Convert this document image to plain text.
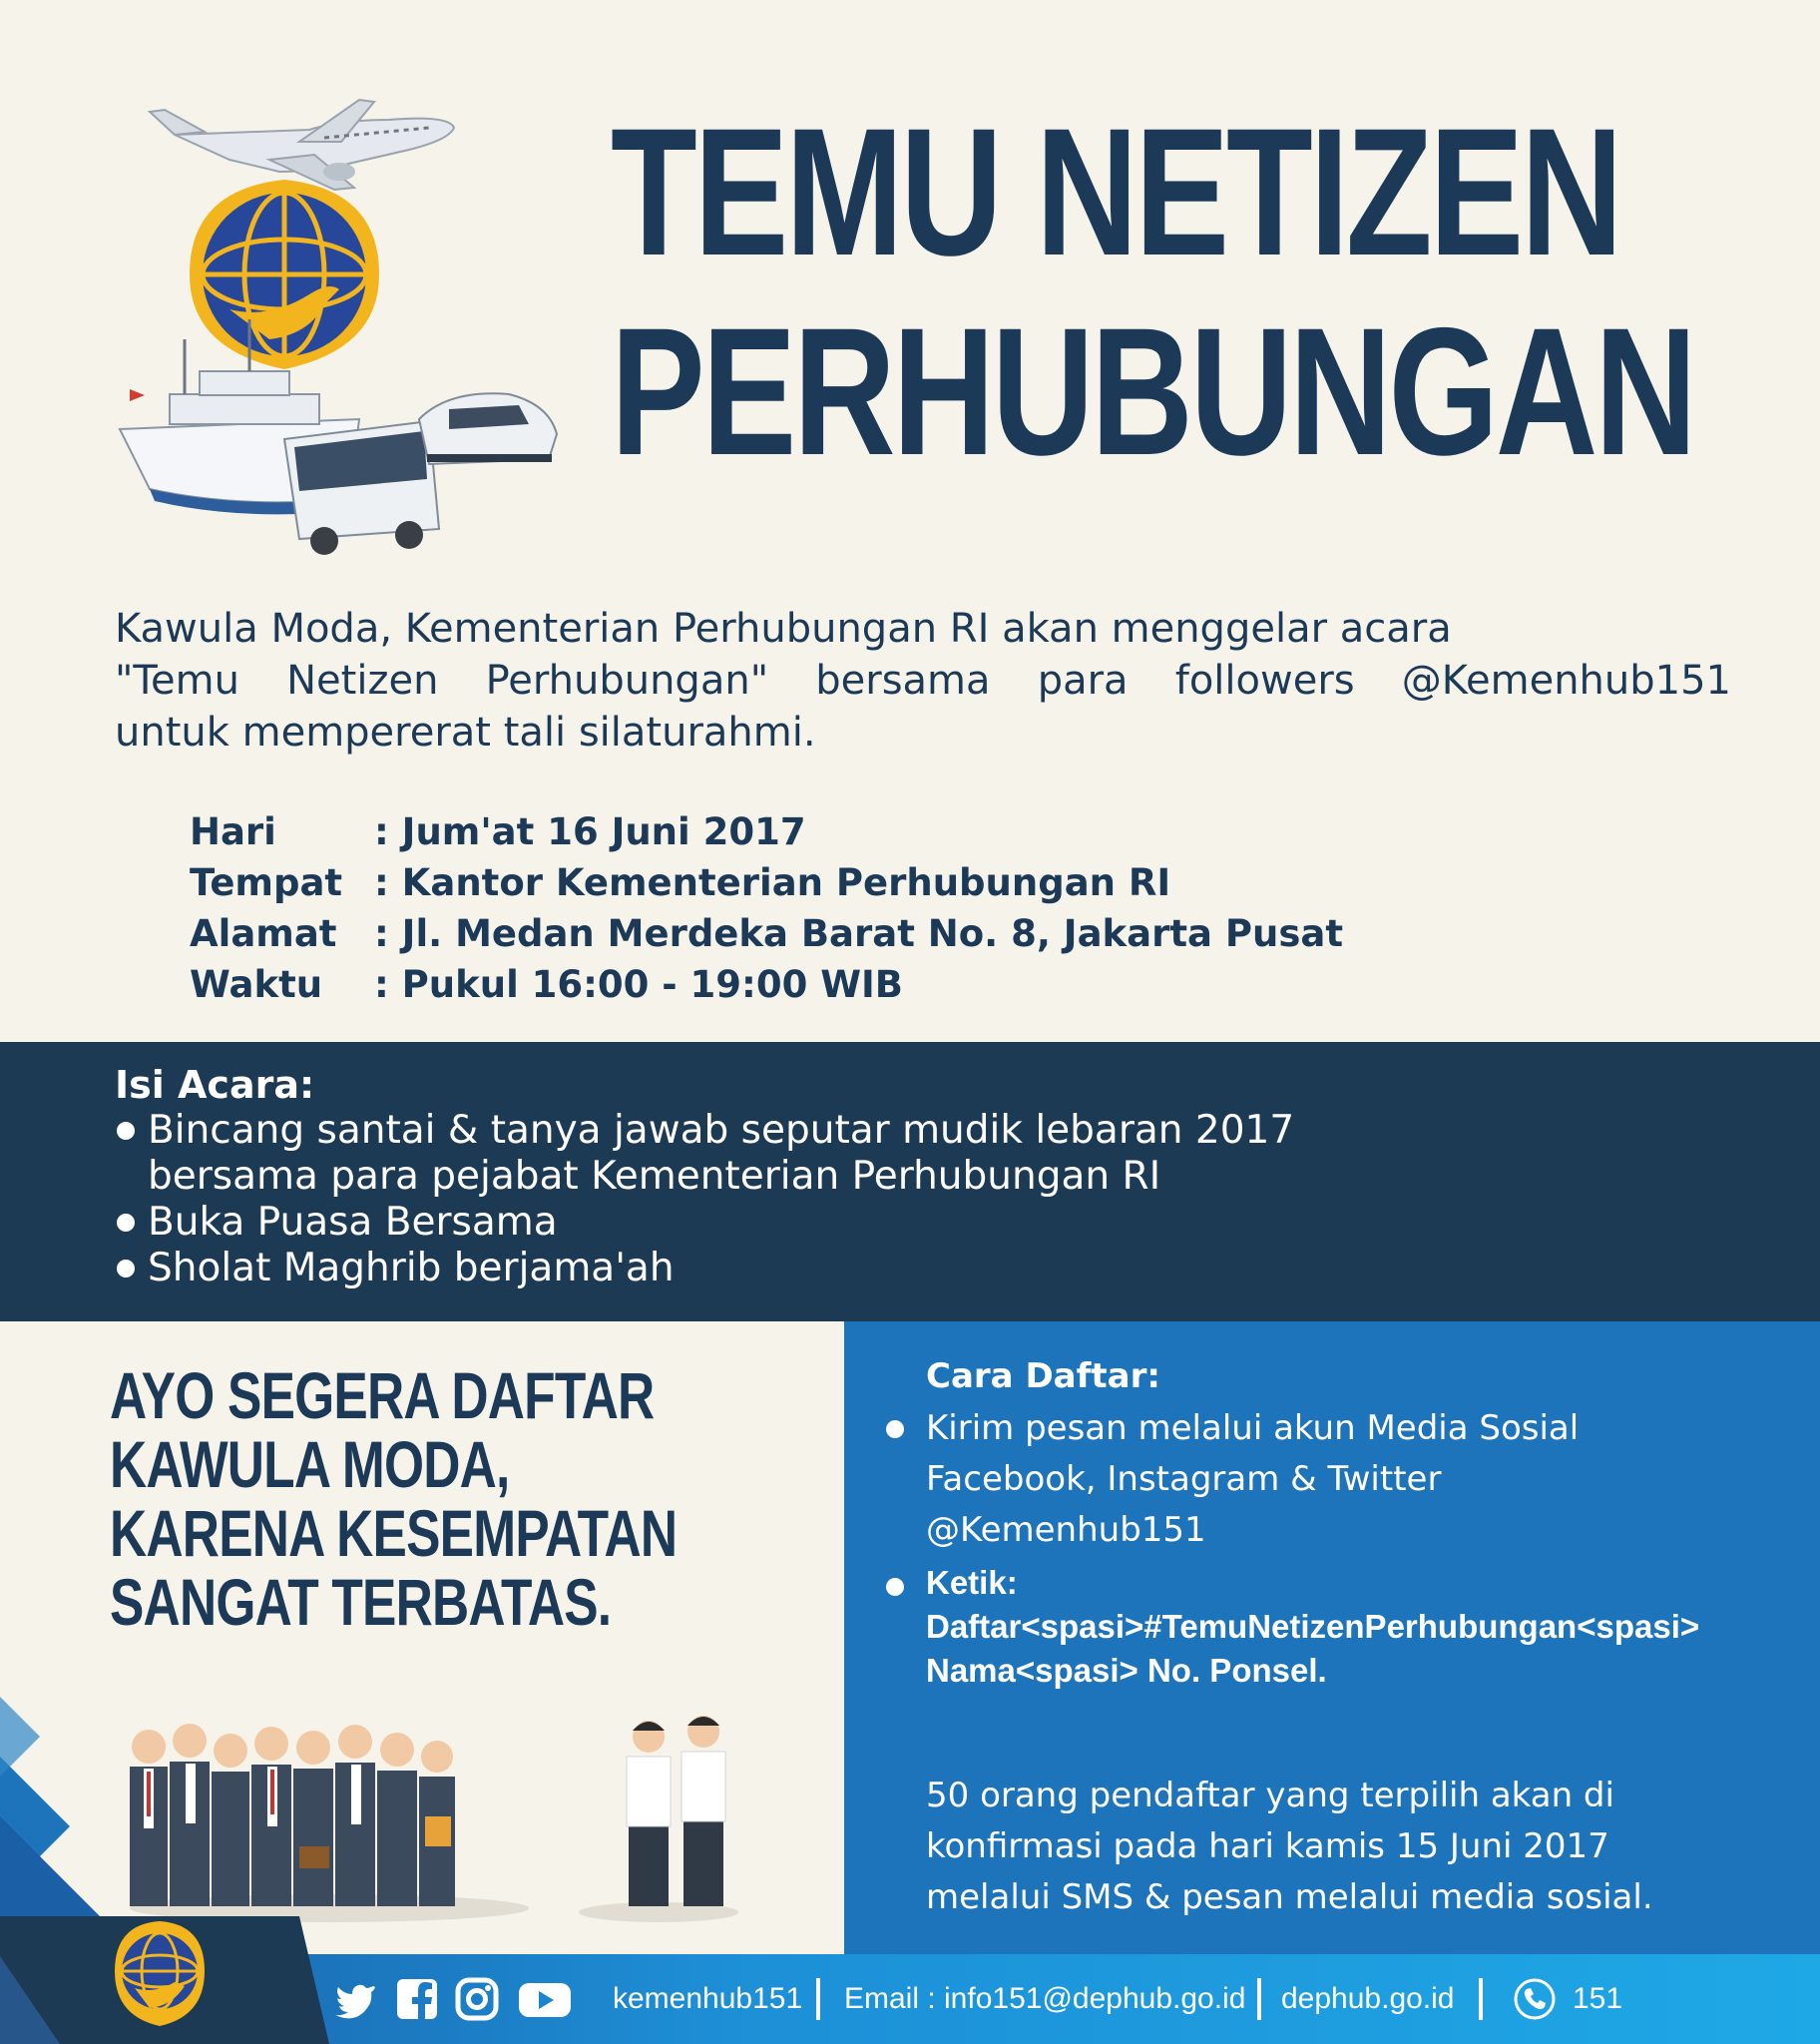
TEMU NETIZEN
PERHUBUNGAN
Kawula Moda, Kementerian Perhubungan RI akan menggelar acara
"Temu Netizen Perhubungan" bersama para followers @Kemenhub151
untuk mempererat tali silaturahmi.
Hari	: Jum'at 16 Juni 2017
Tempat : Kantor Kementerian Perhubungan RI
Alamat : Jl. Medan Merdeka Barat No. 8, Jakarta Pusat
Waktu : Pukul 16:00 - 19:00 WIB
Isi Acara:
Bincang santai & tanya jawab seputar mudik lebaran 2017
bersama para pejabat Kementerian Perhubungan RI
Buka Puasa Bersama
Sholat Maghrib berjama'ah
AYO SEGERA DAFTAR
KAWULA MODA,
KARENA KESEMPATAN
SANGAT TERBATAS.
Cara Daftar:
Kirim pesan melalui akun Media Sosial
Facebook, Instagram & Twitter
@Kemenhub151
Ketik:
Daftar<spasi>#TemuNetizenPerhubungan<spasi>
Nama<spasi> No. Ponsel.
50 orang pendaftar yang terpilih akan di
konfirmasi pada hari kamis 15 Juni 2017
melalui SMS & pesan melalui media sosial.
kemenhub151 Email : info151@dephub.go.id dephub.go.id	151
